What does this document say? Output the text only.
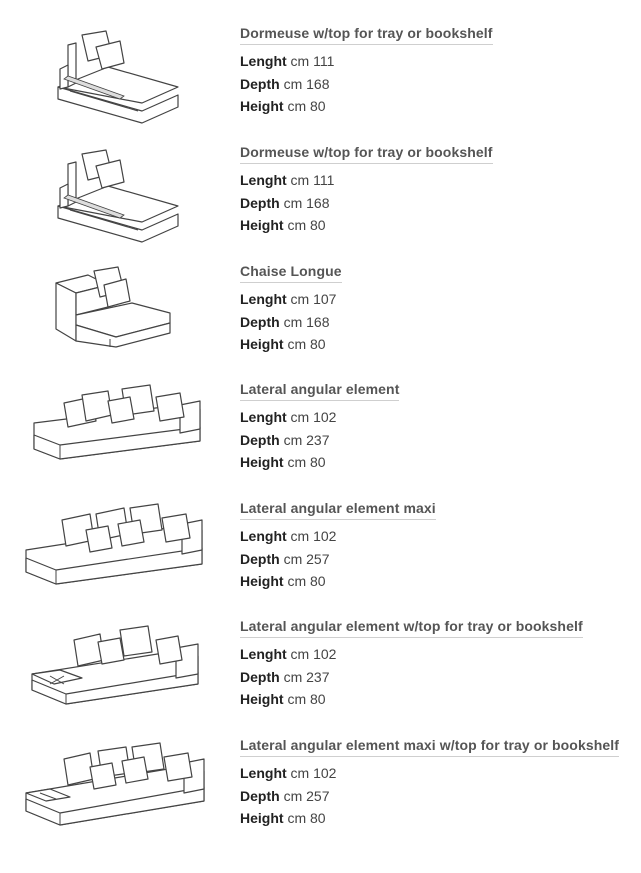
Dormeuse w/top for tray or bookshelf
Lenght cm 111
Depth cm 168
Height cm 80
Dormeuse w/top for tray or bookshelf
Lenght cm 111
Depth cm 168
Height cm 80
Chaise Longue
Lenght cm 107
Depth cm 168
Height cm 80
Lateral angular element
Lenght cm 102
Depth cm 237
Height cm 80
Lateral angular element maxi
Lenght cm 102
Depth cm 257
Height cm 80
Lateral angular element w/top for tray or bookshelf
Lenght cm 102
Depth cm 237
Height cm 80
Lateral angular element maxi w/top for tray or bookshelf
Lenght cm 102
Depth cm 257
Height cm 80
